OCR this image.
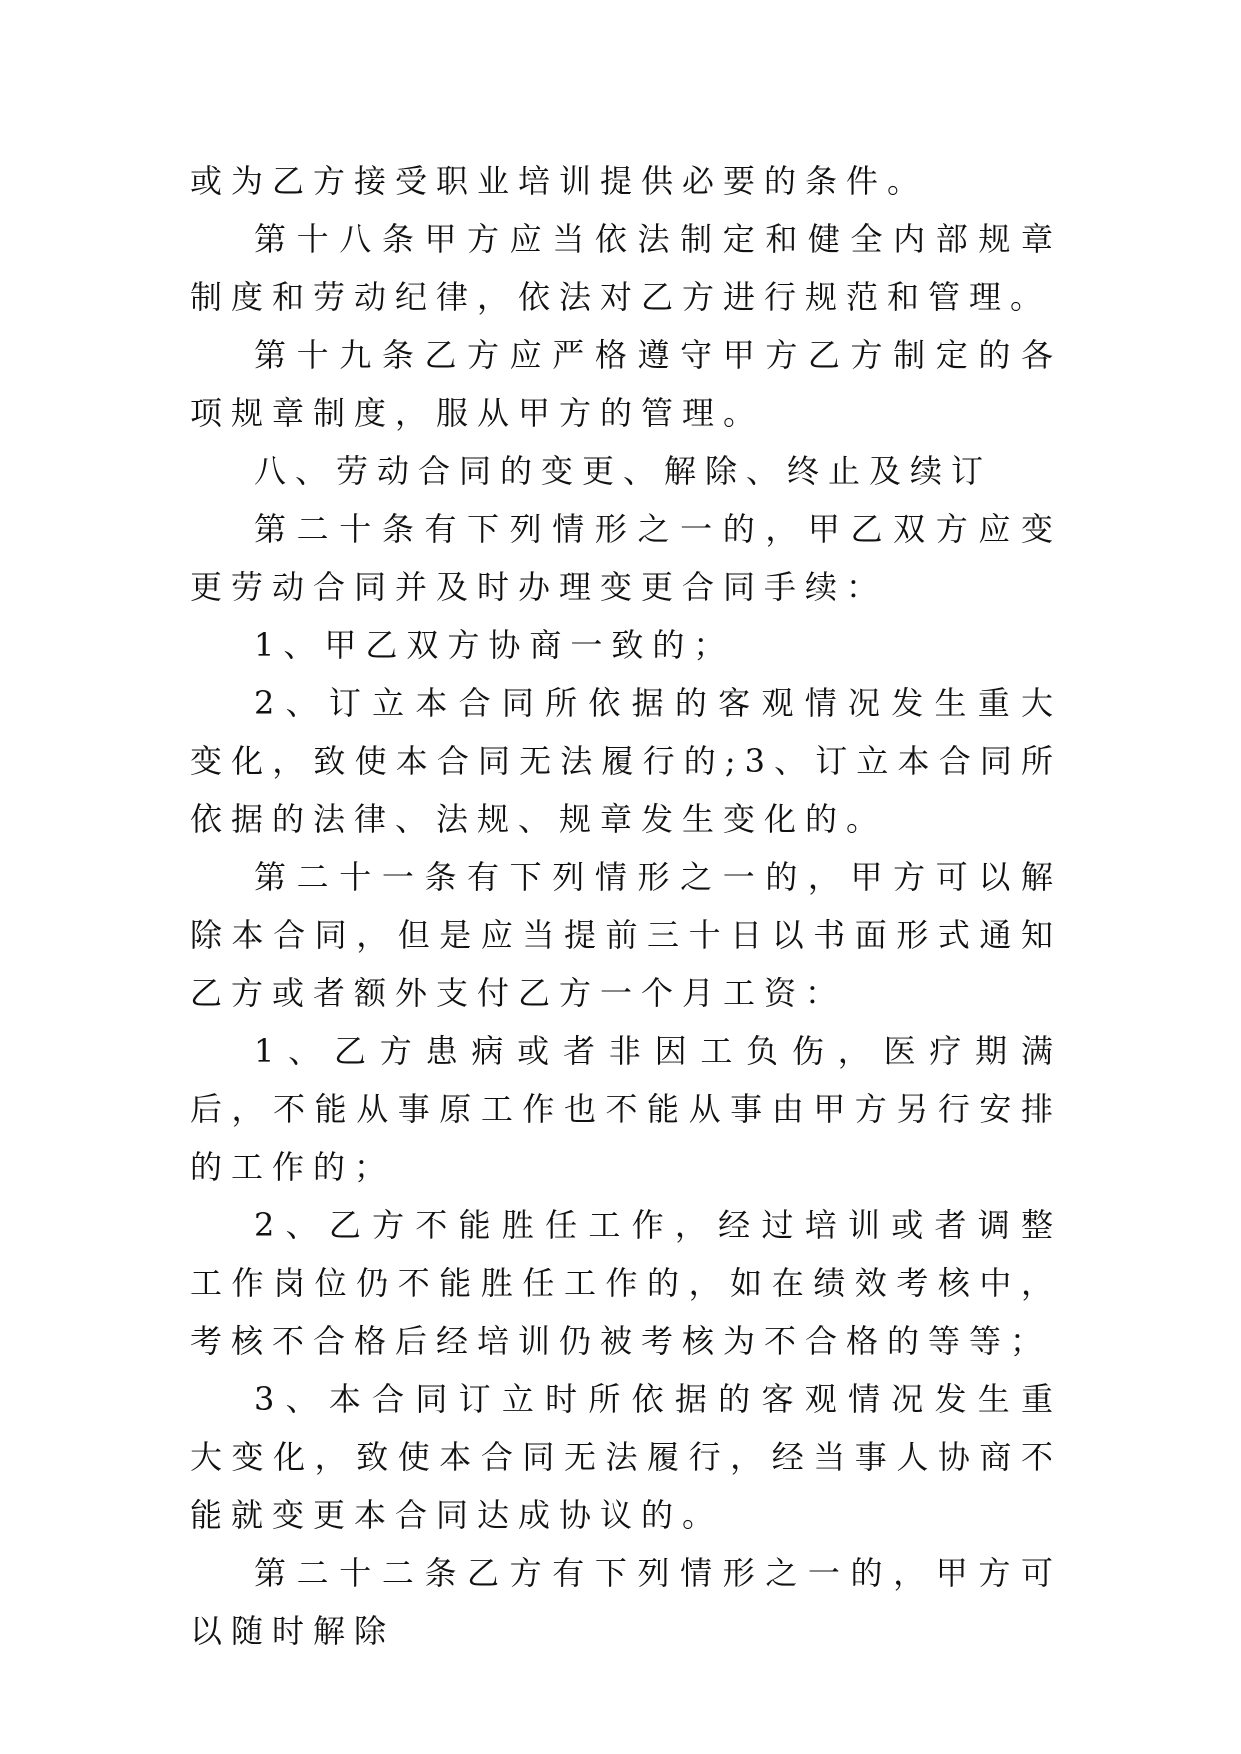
或为乙方接受职业培训提供必要的条件。

第十八条甲方应当依法制定和健全内部规章制度和劳动纪律，依法对乙方进行规范和管理。

第十九条乙方应严格遵守甲方乙方制定的各项规章制度，服从甲方的管理。

八、劳动合同的变更、解除、终止及续订

第二十条有下列情形之一的，甲乙双方应变更劳动合同并及时办理变更合同手续：

1、甲乙双方协商一致的；

2、订立本合同所依据的客观情况发生重大变化，致使本合同无法履行的;3、订立本合同所依据的法律、法规、规章发生变化的。

第二十一条有下列情形之一的，甲方可以解除本合同，但是应当提前三十日以书面形式通知乙方或者额外支付乙方一个月工资：

1、乙方患病或者非因工负伤，医疗期满后，不能从事原工作也不能从事由甲方另行安排的工作的；

2、乙方不能胜任工作，经过培训或者调整工作岗位仍不能胜任工作的，如在绩效考核中，考核不合格后经培训仍被考核为不合格的等等；

3、本合同订立时所依据的客观情况发生重大变化，致使本合同无法履行，经当事人协商不能就变更本合同达成协议的。

第二十二条乙方有下列情形之一的，甲方可以随时解除
